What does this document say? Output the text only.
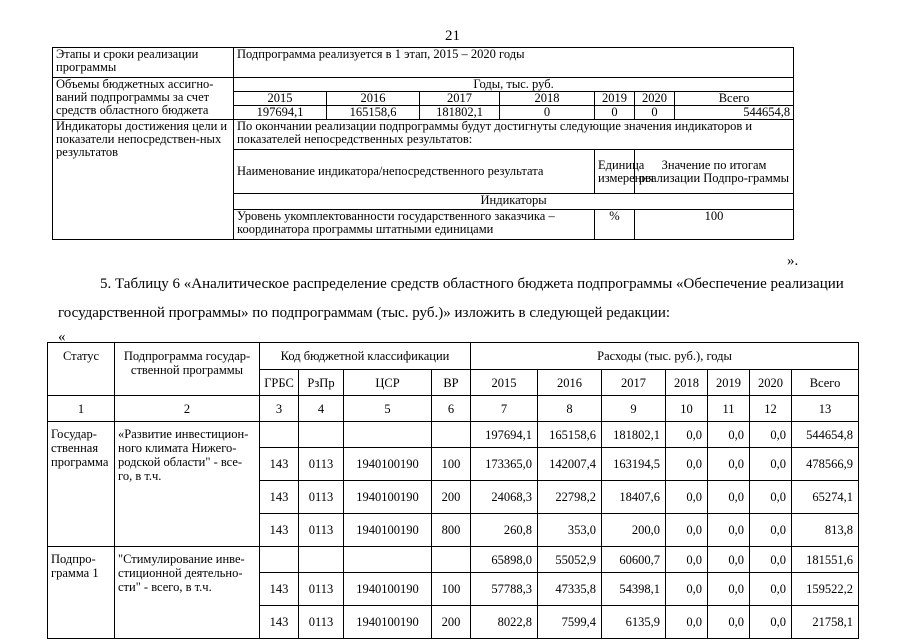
21
Этапы и сроки реализации программы	Подпрограмма реализуется в 1 этап, 2015 – 2020 годы						
Объемы бюджетных ассигно-ваний подпрограммы за счет средств областного бюджета	Годы, тыс. руб.						
	2015	2016	2017	2018	2019	2020	Всего
	197694,1	165158,6	181802,1	0	0	0	544654,8
Индикаторы достижения цели и показатели непосредствен-ных результатов	По окончании реализации подпрограммы будут достигнуты следующие значения индикаторов и показателей непосредственных результатов:						
	Наименование индикатора/непосредственного результата				Единица измерения	Значение по итогам реализации Подпро-граммы	
	Индикаторы						
	Уровень укомплектованности государственного заказчика – координатора программы штатными единицами				%	100	
».
5. Таблицу 6 «Аналитическое распределение средств областного бюджета подпрограммы «Обеспечение реализации
государственной программы» по подпрограммам (тыс. руб.)» изложить в следующей редакции:
«
Статус	Подпрограмма государ-ственной программы	Код бюджетной классификации				Расходы (тыс. руб.), годы						
		ГРБС	РзПр	ЦСР	ВР	2015	2016	2017	2018	2019	2020	Всего
1	2	3	4	5	6	7	8	9	10	11	12	13
Государ-ственная программа	«Развитие инвестицион-ного климата Нижего-родской области" - все-го, в т.ч.					197694,1	165158,6	181802,1	0,0	0,0	0,0	544654,8
		143	0113	1940100190	100	173365,0	142007,4	163194,5	0,0	0,0	0,0	478566,9
		143	0113	1940100190	200	24068,3	22798,2	18407,6	0,0	0,0	0,0	65274,1
		143	0113	1940100190	800	260,8	353,0	200,0	0,0	0,0	0,0	813,8
Подпро-грамма 1	"Стимулирование инве-стиционной деятельно-сти" - всего, в т.ч.					65898,0	55052,9	60600,7	0,0	0,0	0,0	181551,6
		143	0113	1940100190	100	57788,3	47335,8	54398,1	0,0	0,0	0,0	159522,2
		143	0113	1940100190	200	8022,8	7599,4	6135,9	0,0	0,0	0,0	21758,1
